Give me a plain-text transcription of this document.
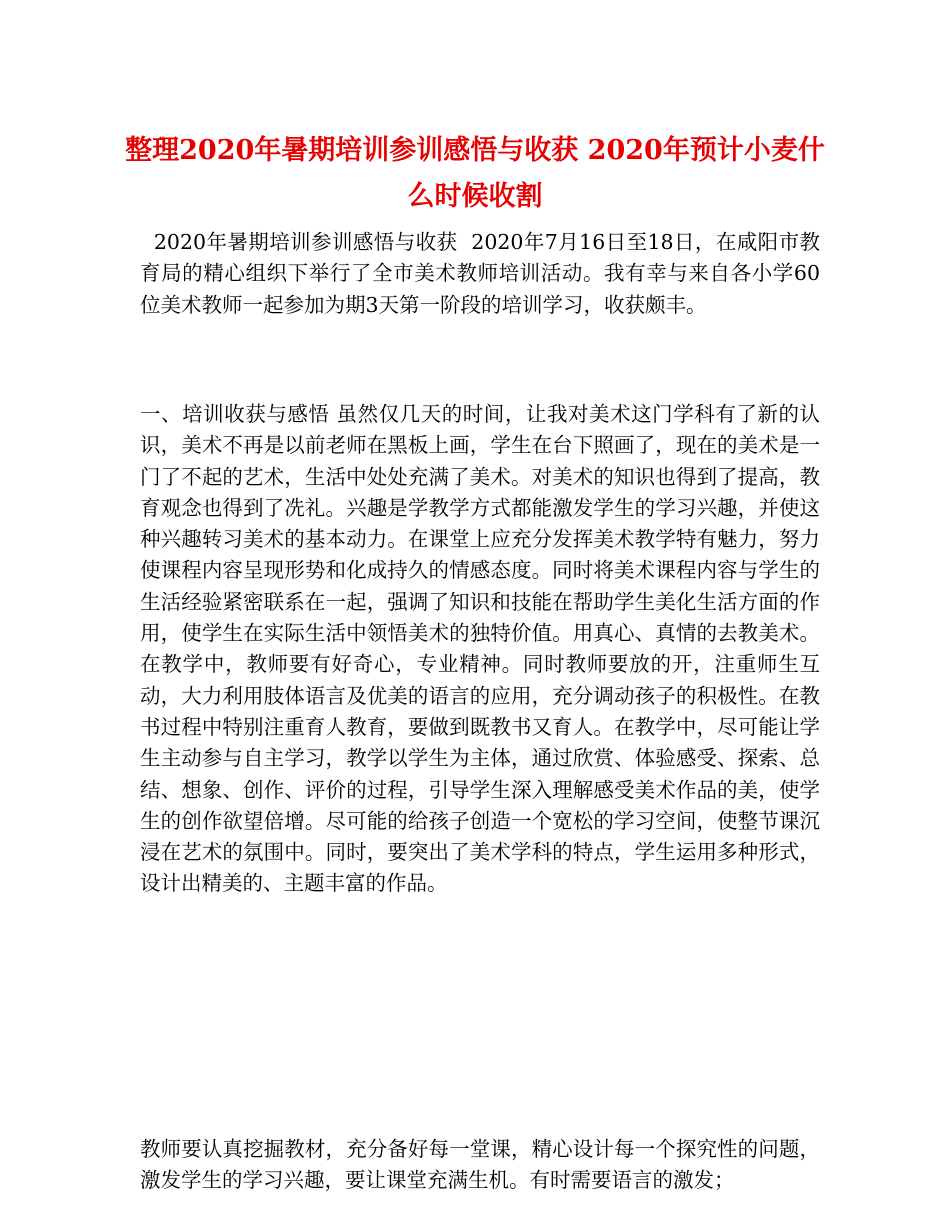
整理2020年暑期培训参训感悟与收获 2020年预计小麦什么时候收割
2020年暑期培训参训感悟与收获  2020年7月16日至18日，在咸阳市教育局的精心组织下举行了全市美术教师培训活动。我有幸与来自各小学60位美术教师一起参加为期3天第一阶段的培训学习，收获颇丰。
一、培训收获与感悟 虽然仅几天的时间，让我对美术这门学科有了新的认识，美术不再是以前老师在黑板上画，学生在台下照画了，现在的美术是一门了不起的艺术，生活中处处充满了美术。对美术的知识也得到了提高，教育观念也得到了冼礼。兴趣是学教学方式都能激发学生的学习兴趣，并使这种兴趣转习美术的基本动力。在课堂上应充分发挥美术教学特有魅力，努力使课程内容呈现形势和化成持久的情感态度。同时将美术课程内容与学生的生活经验紧密联系在一起，强调了知识和技能在帮助学生美化生活方面的作用，使学生在实际生活中领悟美术的独特价值。用真心、真情的去教美术。在教学中，教师要有好奇心，专业精神。同时教师要放的开，注重师生互动，大力利用肢体语言及优美的语言的应用，充分调动孩子的积极性。在教书过程中特别注重育人教育，要做到既教书又育人。在教学中，尽可能让学生主动参与自主学习，教学以学生为主体，通过欣赏、体验感受、探索、总结、想象、创作、评价的过程，引导学生深入理解感受美术作品的美，使学生的创作欲望倍增。尽可能的给孩子创造一个宽松的学习空间，使整节课沉浸在艺术的氛围中。同时，要突出了美术学科的特点，学生运用多种形式，设计出精美的、主题丰富的作品。
教师要认真挖掘教材，充分备好每一堂课，精心设计每一个探究性的问题，激发学生的学习兴趣，要让课堂充满生机。有时需要语言的激发；
